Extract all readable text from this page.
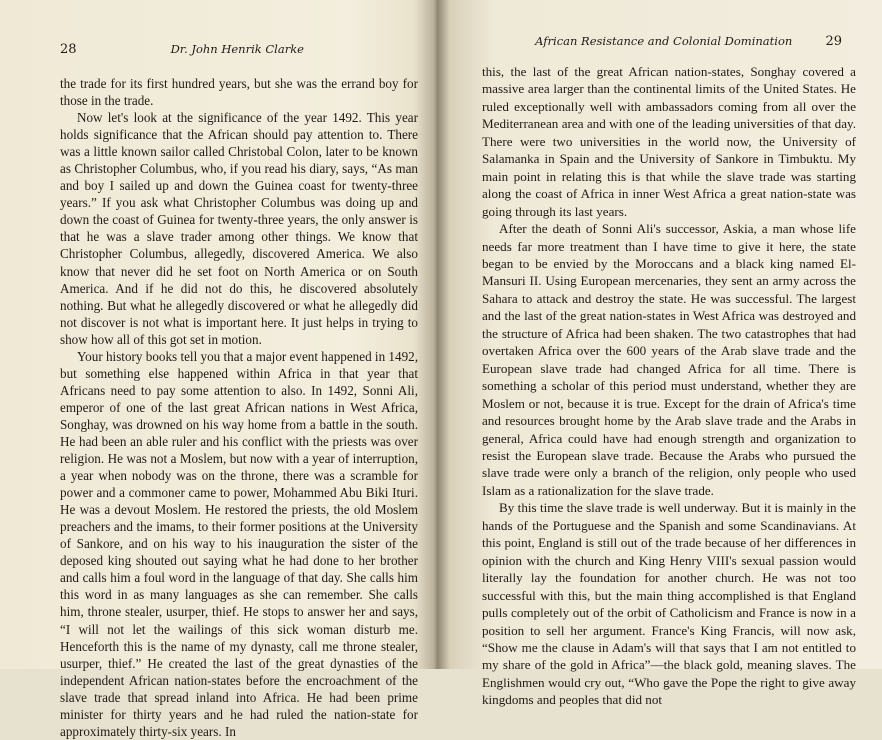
28	Dr. John Henrik Clarke

the trade for its first hundred years, but she was the errand boy for those in the trade.

Now let's look at the significance of the year 1492. This year holds significance that the African should pay attention to. There was a little known sailor called Christobal Colon, later to be known as Christopher Columbus, who, if you read his diary, says, “As man and boy I sailed up and down the Guinea coast for twenty-three years.” If you ask what Christopher Columbus was doing up and down the coast of Guinea for twenty-three years, the only answer is that he was a slave trader among other things. We know that Christopher Columbus, allegedly, discovered America. We also know that never did he set foot on North America or on South America. And if he did not do this, he discovered absolutely nothing. But what he allegedly discovered or what he allegedly did not discover is not what is important here. It just helps in trying to show how all of this got set in motion.

Your history books tell you that a major event happened in 1492, but something else happened within Africa in that year that Africans need to pay some attention to also. In 1492, Sonni Ali, emperor of one of the last great African nations in West Africa, Songhay, was drowned on his way home from a battle in the south. He had been an able ruler and his conflict with the priests was over religion. He was not a Moslem, but now with a year of interruption, a year when nobody was on the throne, there was a scramble for power and a commoner came to power, Mohammed Abu Biki Ituri. He was a devout Moslem. He restored the priests, the old Moslem preachers and the imams, to their former positions at the University of Sankore, and on his way to his inauguration the sister of the deposed king shouted out saying what he had done to her brother and calls him a foul word in the language of that day. She calls him this word in as many languages as she can remember. She calls him, throne stealer, usurper, thief. He stops to answer her and says, “I will not let the wailings of this sick woman disturb me. Henceforth this is the name of my dynasty, call me throne stealer, usurper, thief.” He created the last of the great dynasties of the independent African nation-states before the encroachment of the slave trade that spread inland into Africa. He had been prime minister for thirty years and he had ruled the nation-state for approximately thirty-six years. In

African Resistance and Colonial Domination	29

this, the last of the great African nation-states, Songhay covered a massive area larger than the continental limits of the United States. He ruled exceptionally well with ambassadors coming from all over the Mediterranean area and with one of the leading universities of that day. There were two universities in the world now, the University of Salamanka in Spain and the University of Sankore in Timbuktu. My main point in relating this is that while the slave trade was starting along the coast of Africa in inner West Africa a great nation-state was going through its last years.

After the death of Sonni Ali's successor, Askia, a man whose life needs far more treatment than I have time to give it here, the state began to be envied by the Moroccans and a black king named El-Mansuri II. Using European mercenaries, they sent an army across the Sahara to attack and destroy the state. He was successful. The largest and the last of the great nation-states in West Africa was destroyed and the structure of Africa had been shaken. The two catastrophes that had overtaken Africa over the 600 years of the Arab slave trade and the European slave trade had changed Africa for all time. There is something a scholar of this period must understand, whether they are Moslem or not, because it is true. Except for the drain of Africa's time and resources brought home by the Arab slave trade and the Arabs in general, Africa could have had enough strength and organization to resist the European slave trade. Because the Arabs who pursued the slave trade were only a branch of the religion, only people who used Islam as a rationalization for the slave trade.

By this time the slave trade is well underway. But it is mainly in the hands of the Portuguese and the Spanish and some Scandinavians. At this point, England is still out of the trade because of her differences in opinion with the church and King Henry VIII's sexual passion would literally lay the foundation for another church. He was not too successful with this, but the main thing accomplished is that England pulls completely out of the orbit of Catholicism and France is now in a position to sell her argument. France's King Francis, will now ask, “Show me the clause in Adam's will that says that I am not entitled to my share of the gold in Africa”—the black gold, meaning slaves. The Englishmen would cry out, “Who gave the Pope the right to give away kingdoms and peoples that did not
